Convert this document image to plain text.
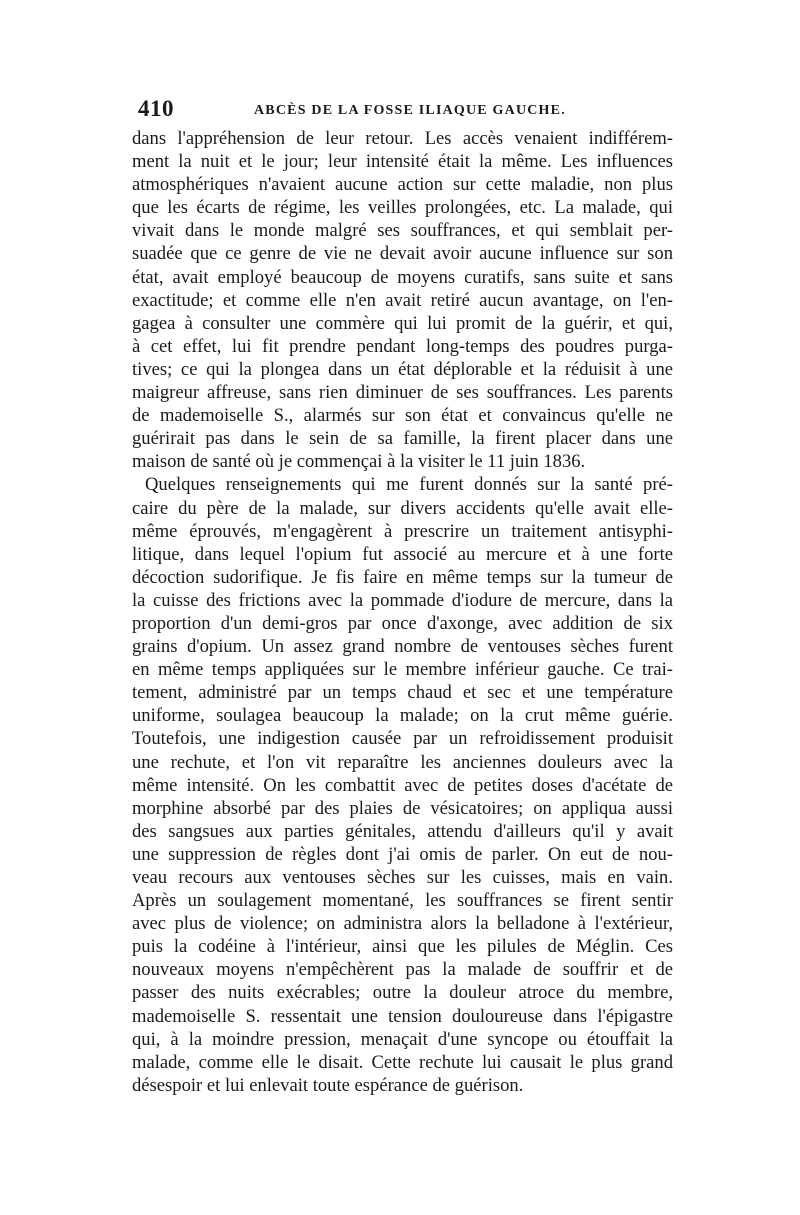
410	ABCÈS DE LA FOSSE ILIAQUE GAUCHE.
dans l'appréhension de leur retour. Les accès venaient indifférem-
ment la nuit et le jour; leur intensité était la même. Les influences
atmosphériques n'avaient aucune action sur cette maladie, non plus
que les écarts de régime, les veilles prolongées, etc. La malade, qui
vivait dans le monde malgré ses souffrances, et qui semblait per-
suadée que ce genre de vie ne devait avoir aucune influence sur son
état, avait employé beaucoup de moyens curatifs, sans suite et sans
exactitude; et comme elle n'en avait retiré aucun avantage, on l'en-
gagea à consulter une commère qui lui promit de la guérir, et qui,
à cet effet, lui fit prendre pendant long-temps des poudres purga-
tives; ce qui la plongea dans un état déplorable et la réduisit à une
maigreur affreuse, sans rien diminuer de ses souffrances. Les parents
de mademoiselle S., alarmés sur son état et convaincus qu'elle ne
guérirait pas dans le sein de sa famille, la firent placer dans une
maison de santé où je commençai à la visiter le 11 juin 1836.
Quelques renseignements qui me furent donnés sur la santé pré-
caire du père de la malade, sur divers accidents qu'elle avait elle-
même éprouvés, m'engagèrent à prescrire un traitement antisyphi-
litique, dans lequel l'opium fut associé au mercure et à une forte
décoction sudorifique. Je fis faire en même temps sur la tumeur de
la cuisse des frictions avec la pommade d'iodure de mercure, dans la
proportion d'un demi-gros par once d'axonge, avec addition de six
grains d'opium. Un assez grand nombre de ventouses sèches furent
en même temps appliquées sur le membre inférieur gauche. Ce trai-
tement, administré par un temps chaud et sec et une température
uniforme, soulagea beaucoup la malade; on la crut même guérie.
Toutefois, une indigestion causée par un refroidissement produisit
une rechute, et l'on vit reparaître les anciennes douleurs avec la
même intensité. On les combattit avec de petites doses d'acétate de
morphine absorbé par des plaies de vésicatoires; on appliqua aussi
des sangsues aux parties génitales, attendu d'ailleurs qu'il y avait
une suppression de règles dont j'ai omis de parler. On eut de nou-
veau recours aux ventouses sèches sur les cuisses, mais en vain.
Après un soulagement momentané, les souffrances se firent sentir
avec plus de violence; on administra alors la belladone à l'extérieur,
puis la codéine à l'intérieur, ainsi que les pilules de Méglin. Ces
nouveaux moyens n'empêchèrent pas la malade de souffrir et de
passer des nuits exécrables; outre la douleur atroce du membre,
mademoiselle S. ressentait une tension douloureuse dans l'épigastre
qui, à la moindre pression, menaçait d'une syncope ou étouffait la
malade, comme elle le disait. Cette rechute lui causait le plus grand
désespoir et lui enlevait toute espérance de guérison.
